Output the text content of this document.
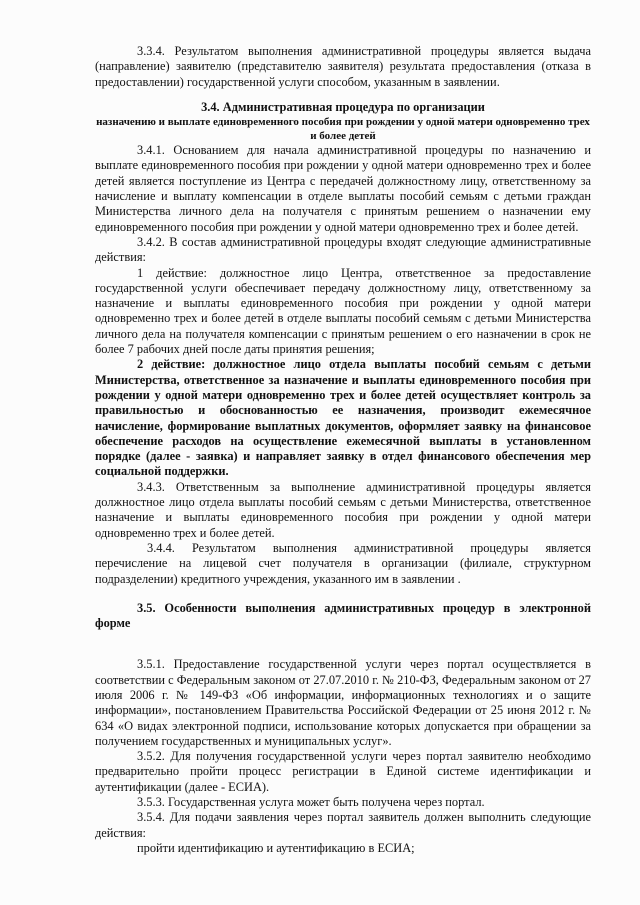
3.3.4. Результатом выполнения административной процедуры является выдача (направление) заявителю (представителю заявителя) результата предоставления (отказа в предоставлении) государственной услуги способом, указанным в заявлении.

3.4. Административная процедура по организации
назначению и выплате единовременного пособия при рождении у одной матери одновременно трех и более детей

3.4.1. Основанием для начала административной процедуры по назначению и выплате единовременного пособия при рождении у одной матери одновременно трех и более детей является поступление из Центра с передачей должностному лицу, ответственному за начисление и выплату компенсации в отделе выплаты пособий семьям с детьми граждан Министерства личного дела на получателя с принятым решением о назначении ему единовременного пособия при рождении у одной матери одновременно трех и более детей.

3.4.2. В состав административной процедуры входят следующие административные действия:

1 действие: должностное лицо Центра, ответственное за предоставление государственной услуги обеспечивает передачу должностному лицу, ответственному за назначение и выплаты единовременного пособия при рождении у одной матери одновременно трех и более детей в отделе выплаты пособий семьям с детьми Министерства личного дела на получателя компенсации с принятым решением о его назначении в срок не более 7 рабочих дней после даты принятия решения;

2 действие: должностное лицо отдела выплаты пособий семьям с детьми Министерства, ответственное за назначение и выплаты единовременного пособия при рождении у одной матери одновременно трех и более детей осуществляет контроль за правильностью и обоснованностью ее назначения, производит ежемесячное начисление, формирование выплатных документов, оформляет заявку на финансовое обеспечение расходов на осуществление ежемесячной выплаты в установленном порядке (далее - заявка) и направляет заявку в отдел финансового обеспечения мер социальной поддержки.

3.4.3. Ответственным за выполнение административной процедуры является должностное лицо отдела выплаты пособий семьям с детьми Министерства, ответственное назначение и выплаты единовременного пособия при рождении у одной матери одновременно трех и более детей.

3.4.4. Результатом выполнения административной процедуры является перечисление на лицевой счет получателя в организации (филиале, структурном подразделении) кредитного учреждения, указанного им в заявлении .

3.5. Особенности выполнения административных процедур в электронной форме

3.5.1. Предоставление государственной услуги через портал осуществляется в соответствии с Федеральным законом от 27.07.2010 г. № 210-ФЗ, Федеральным законом от 27 июля 2006 г. № 149-ФЗ «Об информации, информационных технологиях и о защите информации», постановлением Правительства Российской Федерации от 25 июня 2012 г. № 634 «О видах электронной подписи, использование которых допускается при обращении за получением государственных и муниципальных услуг».

3.5.2. Для получения государственной услуги через портал заявителю необходимо предварительно пройти процесс регистрации в Единой системе идентификации и аутентификации (далее - ЕСИА).

3.5.3. Государственная услуга может быть получена через портал.

3.5.4. Для подачи заявления через портал заявитель должен выполнить следующие действия:

пройти идентификацию и аутентификацию в ЕСИА;
